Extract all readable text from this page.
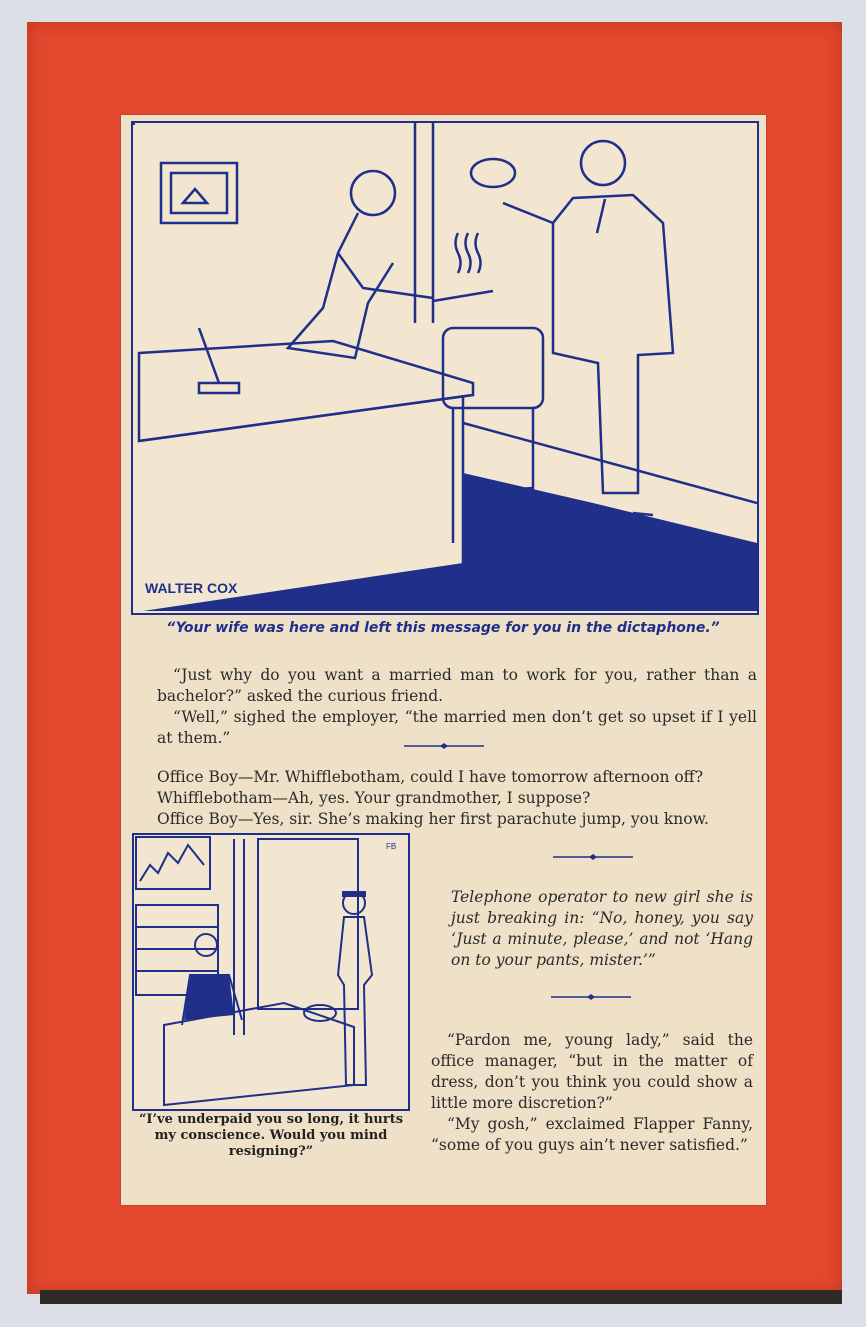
WALTER COX
“Your wife was here and left this message for you in the dictaphone.”

“Just why do you want a married man to work for you, rather than a bachelor?” asked the curious friend.

“Well,” sighed the employer, “the married men don’t get so upset if I yell at them.”

Office Boy—Mr. Whifflebotham, could I have tomorrow afternoon off?

Whifflebotham—Ah, yes. Your grandmother, I suppose?

Office Boy—Yes, sir. She’s making her first parachute jump, you know.

FB
“I’ve underpaid you so long, it hurts my conscience. Would you mind resigning?”
Telephone operator to new girl she is just breaking in: “No, honey, you say ‘Just a minute, please,’ and not ‘Hang on to your pants, mister.’”

“Pardon me, young lady,” said the office manager, “but in the matter of dress, don’t you think you could show a little more discretion?”

“My gosh,” exclaimed Flapper Fanny, “some of you guys ain’t never satisfied.”
